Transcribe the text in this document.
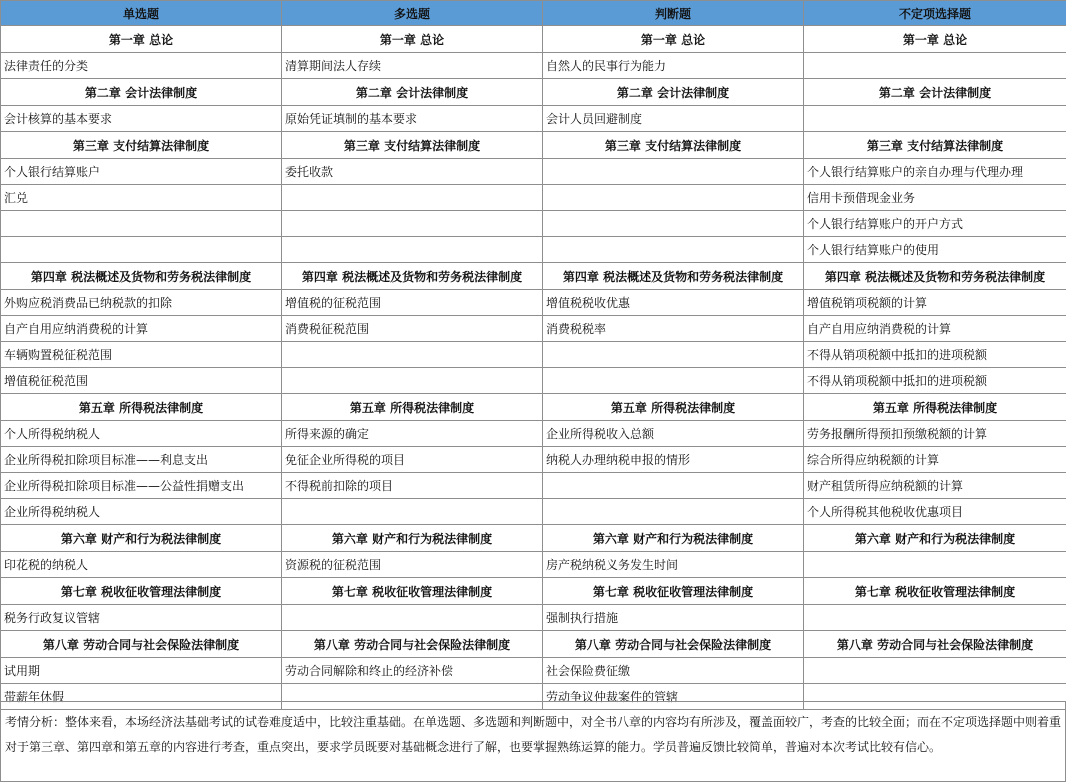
单选题	多选题	判断题	不定项选择题
第一章 总论	第一章 总论	第一章 总论	第一章 总论
法律责任的分类	清算期间法人存续	自然人的民事行为能力	
第二章 会计法律制度	第二章 会计法律制度	第二章 会计法律制度	第二章 会计法律制度
会计核算的基本要求	原始凭证填制的基本要求	会计人员回避制度	
第三章 支付结算法律制度	第三章 支付结算法律制度	第三章 支付结算法律制度	第三章 支付结算法律制度
个人银行结算账户	委托收款		个人银行结算账户的亲自办理与代理办理
汇兑			信用卡预借现金业务
			个人银行结算账户的开户方式
			个人银行结算账户的使用
第四章 税法概述及货物和劳务税法律制度	第四章 税法概述及货物和劳务税法律制度	第四章 税法概述及货物和劳务税法律制度	第四章 税法概述及货物和劳务税法律制度
外购应税消费品已纳税款的扣除	增值税的征税范围	增值税税收优惠	增值税销项税额的计算
自产自用应纳消费税的计算	消费税征税范围	消费税税率	自产自用应纳消费税的计算
车辆购置税征税范围			不得从销项税额中抵扣的进项税额
增值税征税范围			不得从销项税额中抵扣的进项税额
第五章 所得税法律制度	第五章 所得税法律制度	第五章 所得税法律制度	第五章 所得税法律制度
个人所得税纳税人	所得来源的确定	企业所得税收入总额	劳务报酬所得预扣预缴税额的计算
企业所得税扣除项目标准——利息支出	免征企业所得税的项目	纳税人办理纳税申报的情形	综合所得应纳税额的计算
企业所得税扣除项目标准——公益性捐赠支出	不得税前扣除的项目		财产租赁所得应纳税额的计算
企业所得税纳税人			个人所得税其他税收优惠项目
第六章 财产和行为税法律制度	第六章 财产和行为税法律制度	第六章 财产和行为税法律制度	第六章 财产和行为税法律制度
印花税的纳税人	资源税的征税范围	房产税纳税义务发生时间	
第七章 税收征收管理法律制度	第七章 税收征收管理法律制度	第七章 税收征收管理法律制度	第七章 税收征收管理法律制度
税务行政复议管辖		强制执行措施	
第八章 劳动合同与社会保险法律制度	第八章 劳动合同与社会保险法律制度	第八章 劳动合同与社会保险法律制度	第八章 劳动合同与社会保险法律制度
试用期	劳动合同解除和终止的经济补偿	社会保险费征缴	
带薪年休假		劳动争议仲裁案件的管辖	
考情分析：整体来看，本场经济法基础考试的试卷难度适中，比较注重基础。在单选题、多选题和判断题中，对全书八章的内容均有所涉及，覆盖面较广，考查的比较全面；而在不定项选择题中则着重对于第三章、第四章和第五章的内容进行考查，重点突出，要求学员既要对基础概念进行了解，也要掌握熟练运算的能力。学员普遍反馈比较简单，普遍对本次考试比较有信心。
